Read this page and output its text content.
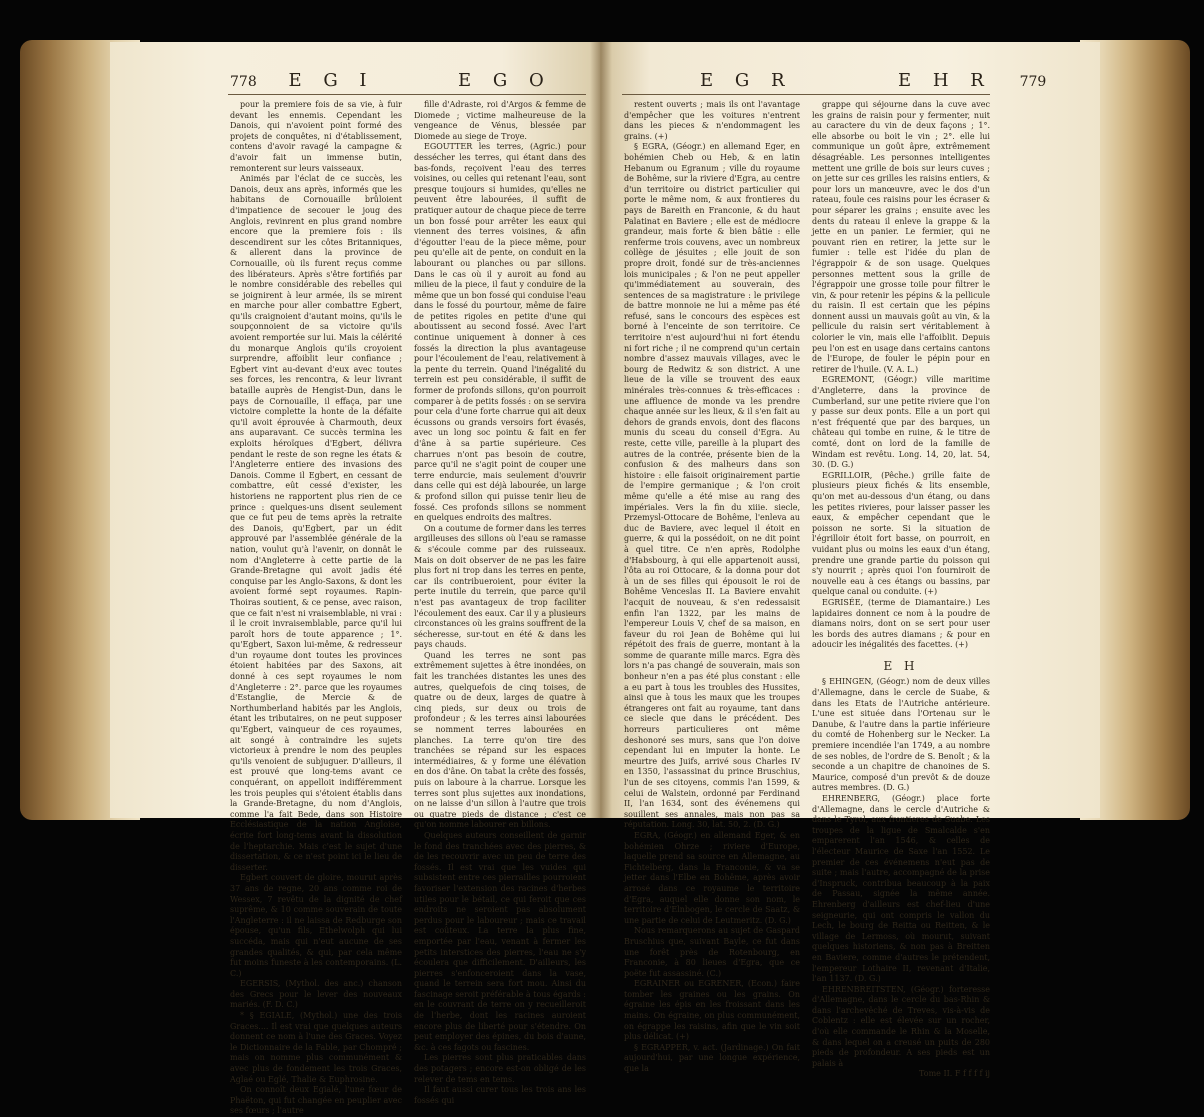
778 E G I	E G O	E G R	E H R 779

pour la premiere fois de sa vie, à fuir devant les ennemis. Cependant les Danois, qui n'avoient point formé des projets de conquêtes, ni d'établissement, contens d'avoir ravagé la campagne & d'avoir fait un immense butin, remonterent sur leurs vaisseaux.

Animés par l'éclat de ce succès, les Danois, deux ans après, informés que les habitans de Cornouaille brûloient d'impatience de secouer le joug des Anglois, revinrent en plus grand nombre encore que la premiere fois : ils descendirent sur les côtes Britanniques, & allerent dans la province de Cornouaille, où ils furent reçus comme des libérateurs. Après s'être fortifiés par le nombre considérable des rebelles qui se joignirent à leur armée, ils se mirent en marche pour aller combattre Egbert, qu'ils craignoient d'autant moins, qu'ils le soupçonnoient de sa victoire qu'ils avoient remportée sur lui. Mais la célérité du monarque Anglois qu'ils croyoient surprendre, affoiblit leur confiance ; Egbert vint au-devant d'eux avec toutes ses forces, les rencontra, & leur livrant bataille auprès de Hengist-Dun, dans le pays de Cornouaille, il effaça, par une victoire complette la honte de la défaite qu'il avoit éprouvée à Charmouth, deux ans auparavant. Ce succès termina les exploits héroïques d'Egbert, délivra pendant le reste de son regne les états & l'Angleterre entiere des invasions des Danois. Comme il Egbert, en cessant de combattre, eût cessé d'exister, les historiens ne rapportent plus rien de ce prince : quelques-uns disent seulement que ce fut peu de tems après la retraite des Danois, qu'Egbert, par un édit approuvé par l'assemblée générale de la nation, voulut qu'à l'avenir, on donnât le nom d'Angleterre à cette partie de la Grande-Bretagne qui avoit jadis été conquise par les Anglo-Saxons, & dont les avoient formé sept royaumes. Rapin-Thoiras soutient, & ce pense, avec raison, que ce fait n'est ni vraisemblable, ni vrai : il le croit invraisemblable, parce qu'il lui paroît hors de toute apparence ; 1°. qu'Egbert, Saxon lui-même, & redresseur d'un royaume dont toutes les provinces étoient habitées par des Saxons, ait donné à ces sept royaumes le nom d'Angleterre : 2°. parce que les royaumes d'Estanglie, de Mercie & de Northumberland habités par les Anglois, étant les tributaires, on ne peut supposer qu'Egbert, vainqueur de ces royaumes, ait songé à contraindre les sujets victorieux à prendre le nom des peuples qu'ils venoient de subjuguer. D'ailleurs, il est prouvé que long-tems avant ce conquérant, on appelloit indifféremment les trois peuples qui s'étoient établis dans la Grande-Bretagne, du nom d'Anglois, comme l'a fait Bede, dans son Histoire Ecclésiastique de la nation Angloise, écrite fort long-tems avant la dissolution de l'heptarchie. Mais c'est le sujet d'une dissertation, & ce n'est point ici le lieu de disserter.

Egbert couvert de gloire, mourut après 37 ans de regne, 20 ans comme roi de Wessex, 7 revêtu de la dignité de chef suprême, & 10 comme souverain de toute l'Angleterre : il ne laissa de Redburge son épouse, qu'un fils, Ethelwolph qui lui succéda, mais qui n'eut aucune de ses grandes qualités, & qui, par cela même fut moins funeste à les contemporains. (L. C.)

EGERSIS, (Mythol. des anc.) chanson des Grecs pour le lever des nouveaux mariés. (F. D. C.)

* § EGIALE, (Mythol.) une des trois Graces.... Il est vrai que quelques auteurs donnent ce nom à l'une des Graces. Voyez le Dictionnaire de la Fable, par Chompré ; mais on nomme plus communément & avec plus de fondement les trois Graces, Aglaé ou Eglé, Thalie & Euphrosine.

On connoît deux Egialé, l'une fœur de Phaëton, qui fut changée en peuplier avec ses fœurs ; l'autre

fille d'Adraste, roi d'Argos & femme de Diomede ; victime malheureuse de la vengeance de Vénus, blessée par Diomede au siege de Troye.

EGOUTTER les terres, (Agric.) pour dessécher les terres, qui étant dans des bas-fonds, reçoivent l'eau des terres voisines, ou celles qui retenant l'eau, sont presque toujours si humides, qu'elles ne peuvent être labourées, il suffit de pratiquer autour de chaque piece de terre un bon fossé pour arrêter les eaux qui viennent des terres voisines, & afin d'égoutter l'eau de la piece même, pour peu qu'elle ait de pente, on conduit en la labourant ou planches ou par sillons. Dans le cas où il y auroit au fond au milieu de la piece, il faut y conduire de la même que un bon fossé qui conduise l'eau dans le fossé du pourtour, même de faire de petites rigoles en petite d'une qui aboutissent au second fossé. Avec l'art continue uniquement à donner à ces fossés la direction la plus avantageuse pour l'écoulement de l'eau, relativement à la pente du terrein. Quand l'inégalité du terrein est peu considérable, il suffit de former de profonds sillons, qu'on pourroit comparer à de petits fossés : on se servira pour cela d'une forte charrue qui ait deux écussons ou grands versoirs fort évasés, avec un long soc pointu & fait en fer d'âne à sa partie supérieure. Ces charrues n'ont pas besoin de coutre, parce qu'il ne s'agit point de couper une terre endurcie, mais seulement d'ouvrir dans celle qui est déjà labourée, un large & profond sillon qui puisse tenir lieu de fossé. Ces profonds sillons se nomment en quelques endroits des maîtres.

On a coutume de former dans les terres argilleuses des sillons où l'eau se ramasse & s'écoule comme par des ruisseaux. Mais on doit observer de ne pas les faire plus fort ni trop dans les terres en pente, car ils contribueroient, pour éviter la perte inutile du terrein, que parce qu'il n'est pas avantageux de trop faciliter l'écoulement des eaux. Car il y a plusieurs circonstances où les grains souffrent de la sécheresse, sur-tout en été & dans les pays chauds.

Quand les terres ne sont pas extrêmement sujettes à être inondées, on fait les tranchées distantes les unes des autres, quelquefois de cinq toises, de quatre ou de deux, larges de quatre à cinq pieds, sur deux ou trois de profondeur ; & les terres ainsi labourées se nomment terres labourées en planches. La terre qu'on tire des tranchées se répand sur les espaces intermédiaires, & y forme une élévation en dos d'âne. On tabat la crête des fossés, puis on laboure à la charrue. Lorsque les terres sont plus sujettes aux inondations, on ne laisse d'un sillon à l'autre que trois ou quatre pieds de distance ; c'est ce qu'on nomme labourer en billons.

Quelques auteurs conseillent de garnir le fond des tranchées avec des pierres, & de les recouvrir avec un peu de terre des fossés. Il est vrai que les vuides qui subsistent entre ces pierrailles pourroient favoriser l'extension des racines d'herbes utiles pour le bétail, ce qui feroit que ces endroits ne seroient pas absolument perdus pour le laboureur ; mais ce travail est coûteux. La terre la plus fine, emportée par l'eau, venant à fermer les petits interstices des pierres, l'eau ne s'y écoulera que difficilement. D'ailleurs, les pierres s'enfonceroient dans la vase, quand le terrein sera fort mou. Ainsi du fascinage seroit préférable à tous égards : en le couvrant de terre on y recueilleroit de l'herbe, dont les racines auroient encore plus de liberté pour s'étendre. On peut employer des épines, du bois d'aune, &c. à ces fagots ou fascines.

Les pierres sont plus praticables dans des potagers ; encore est-on obligé de les relever de tems en tems.

Il faut aussi curer tous les trois ans les fossés qui

restent ouverts ; mais ils ont l'avantage d'empêcher que les voitures n'entrent dans les pieces & n'endommagent les grains. (+)

§ EGRA, (Géogr.) en allemand Eger, en bohémien Cheb ou Heb, & en latin Hebanum ou Egranum ; ville du royaume de Bohême, sur la riviere d'Egra, au centre d'un territoire ou district particulier qui porte le même nom, & aux frontieres du pays de Bareith en Franconie, & du haut Palatinat en Baviere ; elle est de médiocre grandeur, mais forte & bien bâtie : elle renferme trois couvens, avec un nombreux collège de jésuites ; elle jouit de son propre droit, fondé sur de très-anciennes lois municipales ; & l'on ne peut appeller qu'immédiatement au souverain, des sentences de sa magistrature : le privilege de battre monnoie ne lui a même pas été refusé, sans le concours des espèces est borné à l'enceinte de son territoire. Ce territoire n'est aujourd'hui ni fort étendu ni fort riche ; il ne comprend qu'un certain nombre d'assez mauvais villages, avec le bourg de Redwitz & son district. A une lieue de la ville se trouvent des eaux minérales très-connues & très-efficaces : une affluence de monde va les prendre chaque année sur les lieux, & il s'en fait au dehors de grands envois, dont des flacons munis du sceau du conseil d'Egra. Au reste, cette ville, pareille à la plupart des autres de la contrée, présente bien de la confusion & des malheurs dans son histoire : elle faisoit originairement partie de l'empire germanique ; & l'on croit même qu'elle a été mise au rang des impériales. Vers la fin du xiiie. siecle, Przemysl-Ottocare de Bohême, l'enleva au duc de Baviere, avec lequel il étoit en guerre, & qui la possédoit, on ne dit point à quel titre. Ce n'en après, Rodolphe d'Habsbourg, à qui elle appartenoit aussi, l'ôta au roi Ottocare, & la donna pour dot à un de ses filles qui épousoit le roi de Bohême Venceslas II. La Baviere envahit l'acquit de nouveau, & s'en redessaisit enfin l'an 1322, par les mains de l'empereur Louis V, chef de sa maison, en faveur du roi Jean de Bohême qui lui répétoit des frais de guerre, montant à la somme de quarante mille marcs. Egra dès lors n'a pas changé de souverain, mais son bonheur n'en a pas été plus constant : elle a eu part à tous les troubles des Hussites, ainsi que à tous les maux que les troupes étrangeres ont fait au royaume, tant dans ce siecle que dans le précédent. Des horreurs particulieres ont même deshonoré ses murs, sans que l'on doive cependant lui en imputer la honte. Le meurtre des Juifs, arrivé sous Charles IV en 1350, l'assassinat du prince Bruschius, l'un de ses citoyens, commis l'an 1599, & celui de Walstein, ordonné par Ferdinand II, l'an 1634, sont des événemens qui souillent ses annales, mais non pas sa réputation. Long. 30, lat. 50, 2. (D. G.)

EGRA, (Géogr.) en allemand Eger, & en bohémien Ohrze ; riviere d'Europe, laquelle prend sa source en Allemagne, au Fichtelberg, dans la Franconie, & va se jetter dans l'Elbe en Bohême, après avoir arrosé dans ce royaume le territoire d'Egra, auquel elle donne son nom, le territoire d'Elnbogen, le cercle de Saatz, & une partie de celui de Leutmeritz. (D. G.)

Nous remarquerons au sujet de Gaspard Bruschius que, suivant Bayle, ce fut dans une forêt près de Rotenbourg, en Franconie, à 80 lieues d'Egra, que ce poëte fut assassiné. (C.)

EGRAINER ou EGRENER, (Econ.) faire tomber les graines ou les grains. On égraine les épis en les froissant dans les mains. On égraine, on plus communément, on égrappe les raisins, afin que le vin soit plus délicat. (+)

§ EGRAPPER, v. act. (Jardinage.) On fait aujourd'hui, par une longue expérience, que la

grappe qui séjourne dans la cuve avec les grains de raisin pour y fermenter, nuit au caractere du vin de deux façons ; 1°. elle absorbe ou boit le vin ; 2°. elle lui communique un goût âpre, extrêmement désagréable. Les personnes intelligentes mettent une grille de bois sur leurs cuves ; on jette sur ces grilles les raisins entiers, & pour lors un manœuvre, avec le dos d'un rateau, foule ces raisins pour les écraser & pour séparer les grains ; ensuite avec les dents du rateau il enleve la grappe & la jette en un panier. Le fermier, qui ne pouvant rien en retirer, la jette sur le fumier : telle est l'idée du plan de l'égrappoir & de son usage. Quelques personnes mettent sous la grille de l'égrappoir une grosse toile pour filtrer le vin, & pour retenir les pépins & la pellicule du raisin. Il est certain que les pépins donnent aussi un mauvais goût au vin, & la pellicule du raisin sert véritablement à colorier le vin, mais elle l'affoiblit. Depuis peu l'on est en usage dans certains cantons de l'Europe, de fouler le pépin pour en retirer de l'huile. (V. A. L.)

EGREMONT, (Géogr.) ville maritime d'Angleterre, dans la province de Cumberland, sur une petite riviere que l'on y passe sur deux ponts. Elle a un port qui n'est fréquenté que par des barques, un château qui tombe en ruine, & le titre de comté, dont on lord de la famille de Windam est revêtu. Long. 14, 20, lat. 54, 30. (D. G.)

EGRILLOIR, (Pêche.) grille faite de plusieurs pieux fichés & lits ensemble, qu'on met au-dessous d'un étang, ou dans les petites rivieres, pour laisser passer les eaux, & empêcher cependant que le poisson ne sorte. Si la situation de l'égrilloir étoit fort basse, on pourroit, en vuidant plus ou moins les eaux d'un étang, prendre une grande partie du poisson qui s'y nourrit ; après quoi l'on fourniroit de nouvelle eau à ces étangs ou bassins, par quelque canal ou conduite. (+)

EGRISÉE, (terme de Diamantaire.) Les lapidaires donnent ce nom à la poudre de diamans noirs, dont on se sert pour user les bords des autres diamans ; & pour en adoucir les inégalités des facettes. (+)

E H

§ EHINGEN, (Géogr.) nom de deux villes d'Allemagne, dans le cercle de Suabe, & dans les Etats de l'Autriche antérieure. L'une est située dans l'Ortenau sur le Danube, & l'autre dans la partie inférieure du comté de Hohenberg sur le Necker. La premiere incendiée l'an 1749, a au nombre de ses nobles, de l'ordre de S. Benoît ; & la seconde a un chapitre de chanoines de S. Maurice, composé d'un prevôt & de douze autres membres. (D. G.)

EHRENBERG, (Géogr.) place forte d'Allemagne, dans le cercle d'Autriche & dans le Tyrol, aux frontieres de Suabe. Les troupes de la ligue de Smalcalde s'en emparerent l'an 1546, & celles de l'électeur Maurice de Saxe l'an 1552. Le premier de ces événemens n'eut pas de suite ; mais l'autre, accompagné de la prise d'Inspruck, contribua beaucoup à la paix de Passau, signée la même année. Ehrenberg d'ailleurs est chef-lieu d'une seigneurie, qui ont compris le vallon du Lech, le bourg de Reitta ou Reitten, & le village de Lermoss, où mourut, suivant quelques historiens, & non pas à Breitten en Baviere, comme d'autres le prétendent, l'empereur Lothaire II, revenant d'Italie, l'an 1137. (D. G.)

EHRENBREITSTEN, (Géogr.) forteresse d'Allemagne, dans le cercle du bas-Rhin & dans l'archevêché de Treves, vis-à-vis de Coblentz : elle est élevée sur un rocher, d'où elle commande le Rhin & la Moselle, & dans lequel on a creusé un puits de 280 pieds de profondeur. A ses pieds est un palais à

Tome II. F f f f f ij
